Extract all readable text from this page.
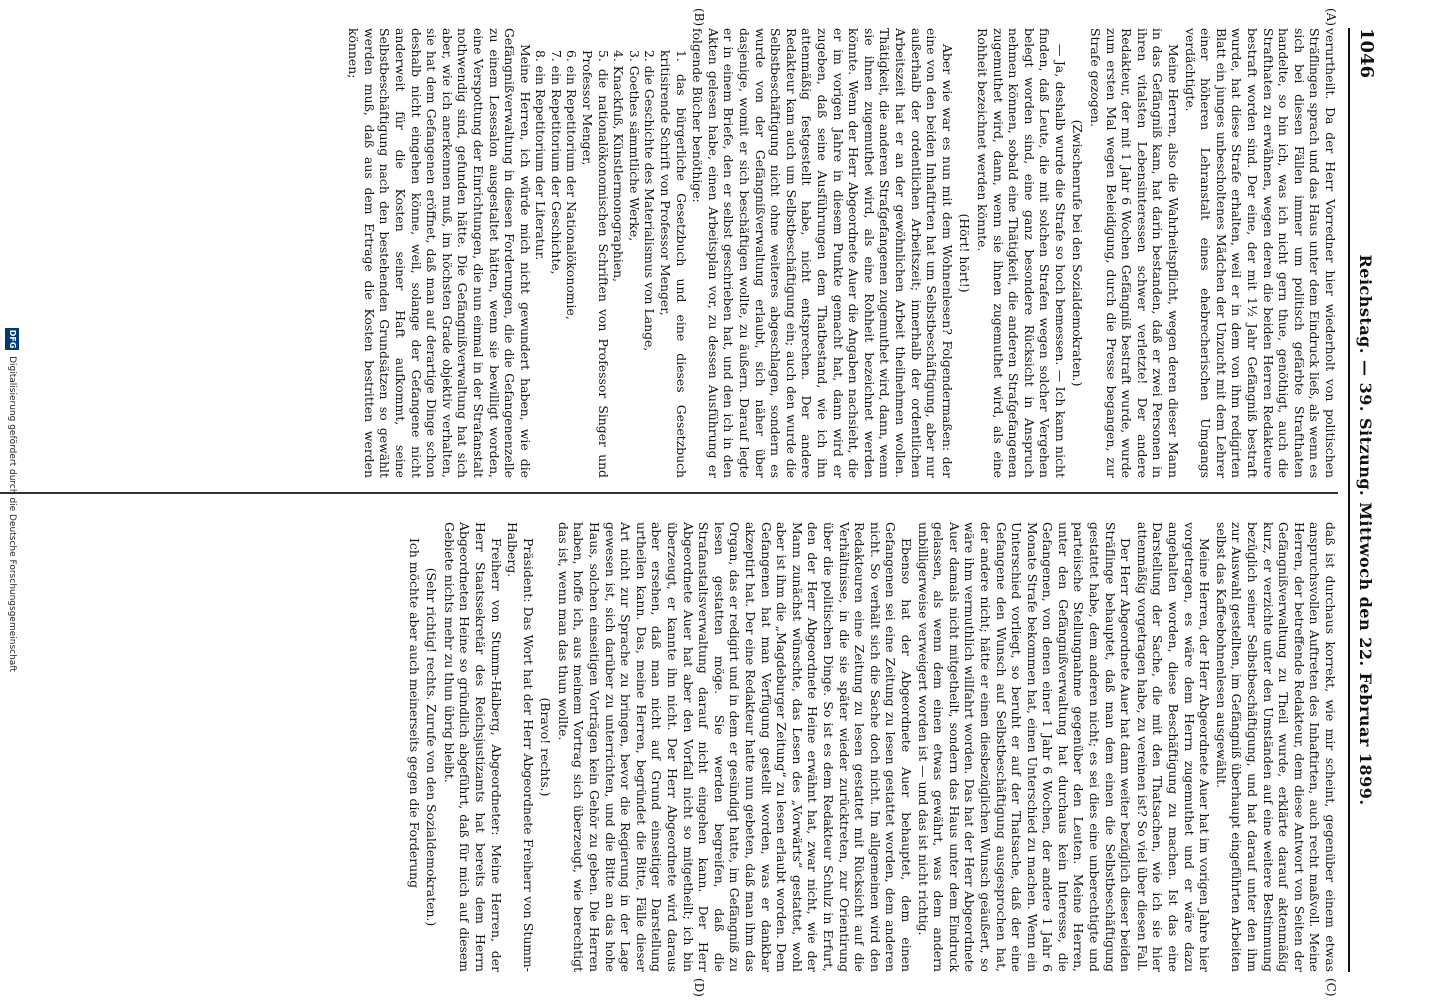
1046
Reichstag. — 39. Sitzung. Mittwoch den 22. Februar 1899.
(A)
(B)
(C)
(D)

verurtheilt. Da der Herr Vorredner hier wiederholt von politischen Sträflingen sprach und das Haus unter dem Eindruck ließ, als wenn es sich bei diesen Fällen immer um politisch gefärbte Strafthaten handelte, so bin ich, was ich nicht gern thue, genöthigt, auch die Strafthaten zu erwähnen, wegen deren die beiden Herren Redakteure bestraft worden sind. Der eine, der mit 1½ Jahr Gefängniß bestraft wurde, hat diese Strafe erhalten, weil er in dem von ihm redigirten Blatt ein junges unbescholtenes Mädchen der Unzucht mit dem Lehrer einer höheren Lehranstalt eines ehebrecherischen Umgangs verdächtigte.

Meine Herren, also die Wahrheitspflicht, wegen deren dieser Mann in das Gefängniß kam, hat darin bestanden, daß er zwei Personen in ihren vitalsten Lebensinteressen schwer verletzte! Der andere Redakteur, der mit 1 Jahr 6 Wochen Gefängniß bestraft wurde, wurde zum ersten Mal wegen Beleidigung, durch die Presse begangen, zur Strafe gezogen.

(Zwischenrufe bei den Sozialdemokraten.)

— Ja, deshalb wurde die Strafe so hoch bemessen. — Ich kann nicht finden, daß Leute, die mit solchen Strafen wegen solcher Vergehen belegt worden sind, eine ganz besondere Rücksicht in Anspruch nehmen können, sobald eine Thätigkeit, die anderen Strafgefangenen zugemuthet wird, dann, wenn sie ihnen zugemuthet wird, als eine Rohheit bezeichnet werden könnte.

(Hört! hört!)

Aber wie war es nun mit dem Wohnenlesen? Folgendermaßen: der eine von den beiden Inhaftirten hat um Selbstbeschäftigung, aber nur außerhalb der ordentlichen Arbeitszeit; innerhalb der ordentlichen Arbeitszeit hat er an der gewöhnlichen Arbeit theilnehmen wollen. Thätigkeit, die anderen Strafgefangenen zugemuthet wird, dann, wenn sie ihnen zugemuthet wird, als eine Rohheit bezeichnet werden könnte. Wenn der Herr Abgeordnete Auer die Angaben nachsieht, die er im vorigen Jahre in diesem Punkte gemacht hat, dann wird er zugeben, daß seine Ausführungen dem Thatbestand, wie ich ihn attenmäßig festgestellt habe, nicht entsprechen. Der andere Redakteur kam auch um Selbstbeschäftigung ein; auch den wurde die Selbstbeschäftigung nicht ohne weiteres abgeschlagen, sondern es wurde von der Gefängnißverwaltung erlaubt, sich näher über dasjenige, womit er sich beschäftigen wollte, zu äußern. Darauf legte er in einem Briefe, den er selbst geschrieben hat, und den ich in den Akten gelesen habe, einen Arbeitsplan vor, zu dessen Ausführung er folgende Bücher benöthige:

1. das bürgerliche Gesetzbuch und eine dieses Gesetzbuch kritisirende Schrift von Professor Menger,
2. die Geschichte des Materialismus von Lange,
3. Goethes sämmtliche Werke,
4. Knackfuß, Künstlermonographien,
5. die nationalökonomischen Schriften von Professor Singer und Professor Menger,
6. ein Repetitorium der Nationalökonomie,
7. ein Repetitorium der Geschichte,
8. ein Repetitorium der Literatur.

Meine Herren, ich würde mich nicht gewundert haben, wie die Gefängnißverwaltung in diesen Forderungen, die die Gefangenenzelle zu einem Lesesalon ausgestaltet hätten, wenn sie bewilligt worden, eine Verspottung der Einrichtungen, die nun einmal in der Strafanstalt nothwendig sind, gefunden hätte. Die Gefängnißverwaltung hat sich aber, wie ich anerkennen muß, im höchsten Grade objektiv verhalten, sie hat dem Gefangenen eröffnet, daß man auf derartige Dinge schon deshalb nicht eingehen könne, weil, solange der Gefangene nicht anderweit für die Kosten seiner Haft aufkommt, seine Selbstbeschäftigung nach den bestehenden Grundsätzen so gewählt werden muß, daß aus dem Ertrage die Kosten bestritten werden können;

daß ist durchaus korrekt, wie mir scheint, gegenüber einem etwas anspruchsvollen Auftreten des Inhaftirten, auch recht maßvoll. Meine Herren, der betreffende Redakteur, dem diese Antwort von Seiten der Gefängnißverwaltung zu Theil wurde, erklärte darauf aktenmäßig kurz, er verzichte unter den Umständen auf eine weitere Bestimmung bezüglich seiner Selbstbeschäftigung, und hat darauf unter den ihm zur Auswahl gestellten, im Gefängniß überhaupt eingeführten Arbeiten selbst das Kaffeebohnenlesen ausgewählt.

Meine Herren, der Herr Abgeordnete Auer hat im vorigen Jahre hier vorgetragen, es wäre dem Herrn zugemuthet und er wäre dazu angehalten worden, diese Beschäftigung zu machen. Ist das eine Darstellung der Sache, die mit den Thatsachen, wie ich sie hier attenmäßig vorgetragen habe, zu vereinen ist? So viel über diesen Fall.

Der Herr Abgeordnete Auer hat dann weiter bezüglich dieser beiden Sträflinge behauptet, daß man dem einen die Selbstbeschäftigung gestattet habe, dem anderen nicht; es sei dies eine unberechtigte und parteiische Stellungnahme gegenüber den Leuten. Meine Herren, unter den Gefängnißverwaltung hat durchaus kein Interesse, die Gefangenen, von denen einer 1 Jahr 6 Wochen, der andere 1 Jahr 6 Monate Strafe bekommen hat, einen Unterschied zu machen. Wenn ein Unterschied vorliegt, so beruht er auf der Thatsache, daß der eine Gefangene den Wunsch auf Selbstbeschäftigung ausgesprochen hat, der andere nicht; hätte er einen diesbezüglichen Wunsch geäußert, so wäre ihm vermuthlich willfahrt worden. Das hat der Herr Abgeordnete Auer damals nicht mitgetheilt, sondern das Haus unter dem Eindruck gelassen, als wenn dem einen etwas gewährt, was dem andern unbilligerweise verweigert worden ist — und das ist nicht richtig.

Ebenso hat der Abgeordnete Auer behauptet, dem einen Gefangenen sei eine Zeitung zu lesen gestattet worden, dem anderen nicht. So verhält sich die Sache doch nicht. Im allgemeinen wird den Redakteuren eine Zeitung zu lesen gestattet mit Rücksicht auf die Verhältnisse, in die sie später wieder zurücktreten, zur Orientirung über die politischen Dinge. So ist es dem Redakteur Schulz in Erfurt, den der Herr Abgeordnete Heine erwähnt hat, zwar nicht, wie der Mann zunächst wünschte, das Lesen des „Vorwärts“ gestattet, wohl aber ist ihm die „Magdeburger Zeitung“ zu lesen erlaubt worden. Dem Gefangenen hat man Verfügung gestellt worden, was er dankbar akzeptirt hat. Der eine Redakteur hatte nun gebeten, daß man ihm das Organ, das er redigirt und in dem er gesündigt hatte, im Gefängniß zu lesen gestatten möge. Sie werden begreifen, daß die Strafanstaltsverwaltung darauf nicht eingehen kann. Der Herr Abgeordnete Auer hat aber den Vorfall nicht so mitgetheilt; ich bin überzeugt, er kannte ihn nicht. Der Herr Abgeordnete wird daraus aber ersehen, daß man nicht auf Grund einseitiger Darstellung urtheilen kann. Das, meine Herren, begründet die Bitte, Fälle dieser Art nicht zur Sprache zu bringen, bevor die Regierung in der Lage gewesen ist, sich darüber zu unterrichten, und die Bitte an das hohe Haus, solchen einseitigen Vorträgen kein Gehör zu geben. Die Herren haben, hoffe ich, aus meinem Vortrag sich überzeugt, wie berechtigt das ist, wenn man das thun wollte.

(Bravo! rechts.)

Präsident: Das Wort hat der Herr Abgeordnete Freiherr von Stumm-Halberg.

Freiherr von Stumm-Halberg, Abgeordneter: Meine Herren, der Herr Staatssekretär des Reichsjustizamts hat bereits dem Herrn Abgeordneten Heine so gründlich abgeführt, daß für mich auf diesem Gebiete nichts mehr zu thun übrig bleibt.

(Sehr richtig! rechts. Zurufe von den Sozialdemokraten.)

Ich möchte aber auch meinerseits gegen die Forderung

DFG
Digitalisierung gefördert durch die Deutsche Forschungsgemeinschaft
